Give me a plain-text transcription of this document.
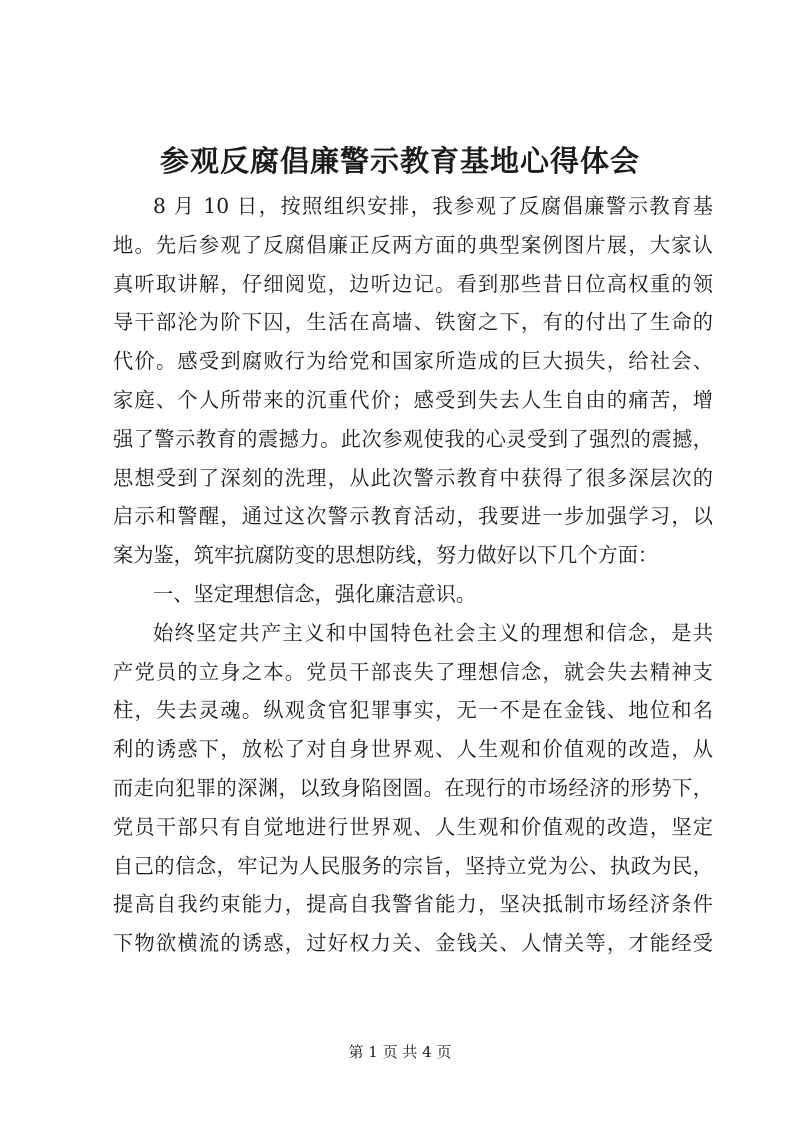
参观反腐倡廉警示教育基地心得体会
8 月 10 日，按照组织安排，我参观了反腐倡廉警示教育基
地。先后参观了反腐倡廉正反两方面的典型案例图片展，大家认
真听取讲解，仔细阅览，边听边记。看到那些昔日位高权重的领
导干部沦为阶下囚，生活在高墙、铁窗之下，有的付出了生命的
代价。感受到腐败行为给党和国家所造成的巨大损失，给社会、
家庭、个人所带来的沉重代价；感受到失去人生自由的痛苦，增
强了警示教育的震撼力。此次参观使我的心灵受到了强烈的震撼，
思想受到了深刻的洗理，从此次警示教育中获得了很多深层次的
启示和警醒，通过这次警示教育活动，我要进一步加强学习，以
案为鉴，筑牢抗腐防变的思想防线，努力做好以下几个方面：
一、坚定理想信念，强化廉洁意识。
始终坚定共产主义和中国特色社会主义的理想和信念，是共
产党员的立身之本。党员干部丧失了理想信念，就会失去精神支
柱，失去灵魂。纵观贪官犯罪事实，无一不是在金钱、地位和名
利的诱惑下，放松了对自身世界观、人生观和价值观的改造，从
而走向犯罪的深渊，以致身陷囹圄。在现行的市场经济的形势下，
党员干部只有自觉地进行世界观、人生观和价值观的改造，坚定
自己的信念，牢记为人民服务的宗旨，坚持立党为公、执政为民，
提高自我约束能力，提高自我警省能力，坚决抵制市场经济条件
下物欲横流的诱惑，过好权力关、金钱关、人情关等，才能经受
第 1 页 共 4 页
